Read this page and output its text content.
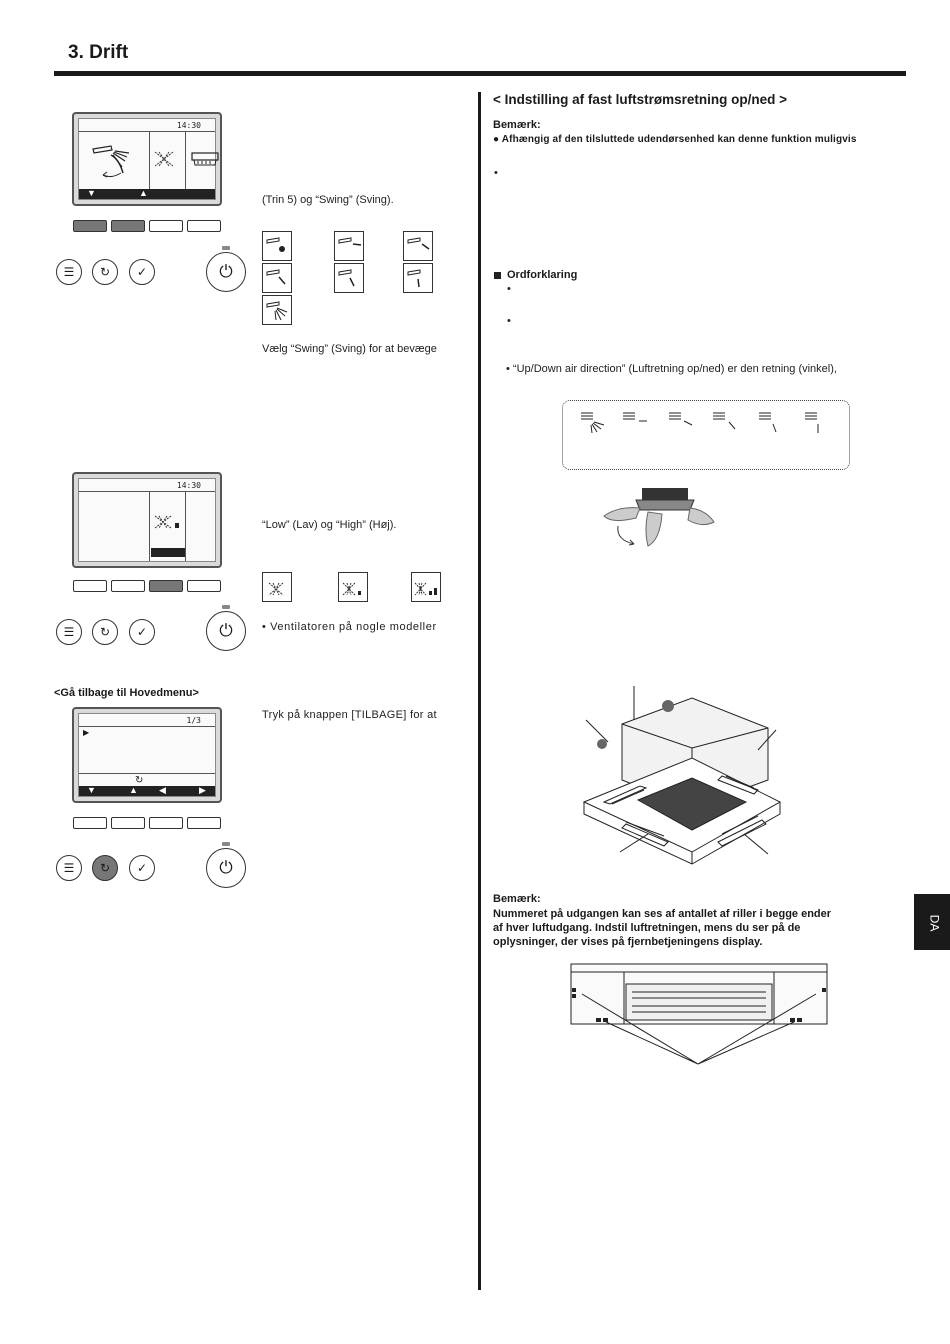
3. Drift
14:30
▼	▲
☰ ↻ ✓	⏻
(Trin 5) og “Swing” (Sving).
Vælg “Swing” (Sving) for at bevæge
14:30
☰ ↻ ✓	⏻
“Low” (Lav) og “High” (Høj).
• Ventilatoren på nogle modeller
<Gå tilbage til Hovedmenu>
1/3
▶
↻
▼	▲ ◀	▶
☰ ↻ ✓	⏻
Tryk på knappen [TILBAGE] for at
< Indstilling af fast luftstrømsretning op/ned >
Bemærk:
● Afhængig af den tilsluttede udendørsenhed kan denne funktion muligvis
•
Ordforklaring
•
•
• “Up/Down air direction” (Luftretning op/ned) er den retning (vinkel),
Bemærk:
Nummeret på udgangen kan ses af antallet af riller i begge ender
af hver luftudgang. Indstil luftretningen, mens du ser på de
oplysninger, der vises på fjernbetjeningens display.
DA
